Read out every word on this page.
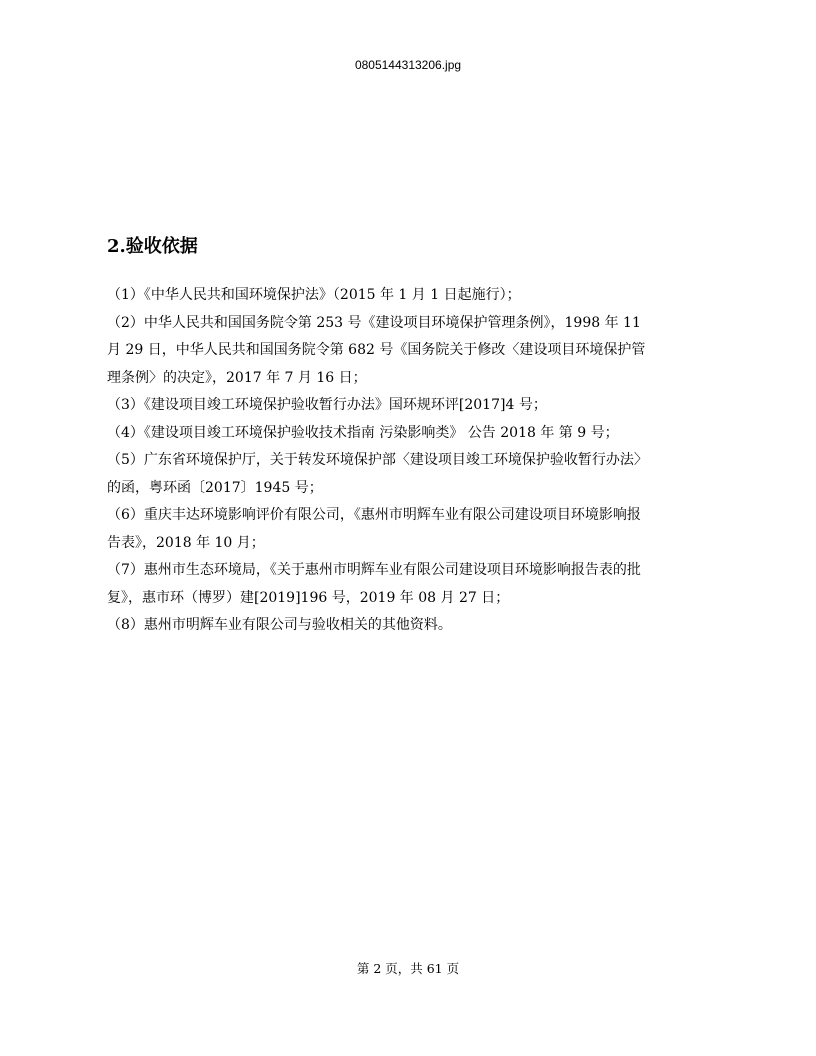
0805144313206.jpg
2.验收依据

（1）《中华人民共和国环境保护法》（2015 年 1 月 1 日起施行）；

（2）中华人民共和国国务院令第 253 号《建设项目环境保护管理条例》，1998 年 11
月 29 日，中华人民共和国国务院令第 682 号《国务院关于修改〈建设项目环境保护管
理条例〉的决定》，2017 年 7 月 16 日；

（3）《建设项目竣工环境保护验收暂行办法》国环规环评[2017]4 号；

（4）《建设项目竣工环境保护验收技术指南 污染影响类》 公告 2018 年 第 9 号；

（5）广东省环境保护厅，关于转发环境保护部〈建设项目竣工环境保护验收暂行办法〉
的函，粤环函〔2017〕1945 号；

（6）重庆丰达环境影响评价有限公司，《惠州市明辉车业有限公司建设项目环境影响报
告表》，2018 年 10 月；

（7）惠州市生态环境局，《关于惠州市明辉车业有限公司建设项目环境影响报告表的批
复》，惠市环（博罗）建[2019]196 号，2019 年 08 月 27 日；

（8）惠州市明辉车业有限公司与验收相关的其他资料。

第 2 页，共 61 页
